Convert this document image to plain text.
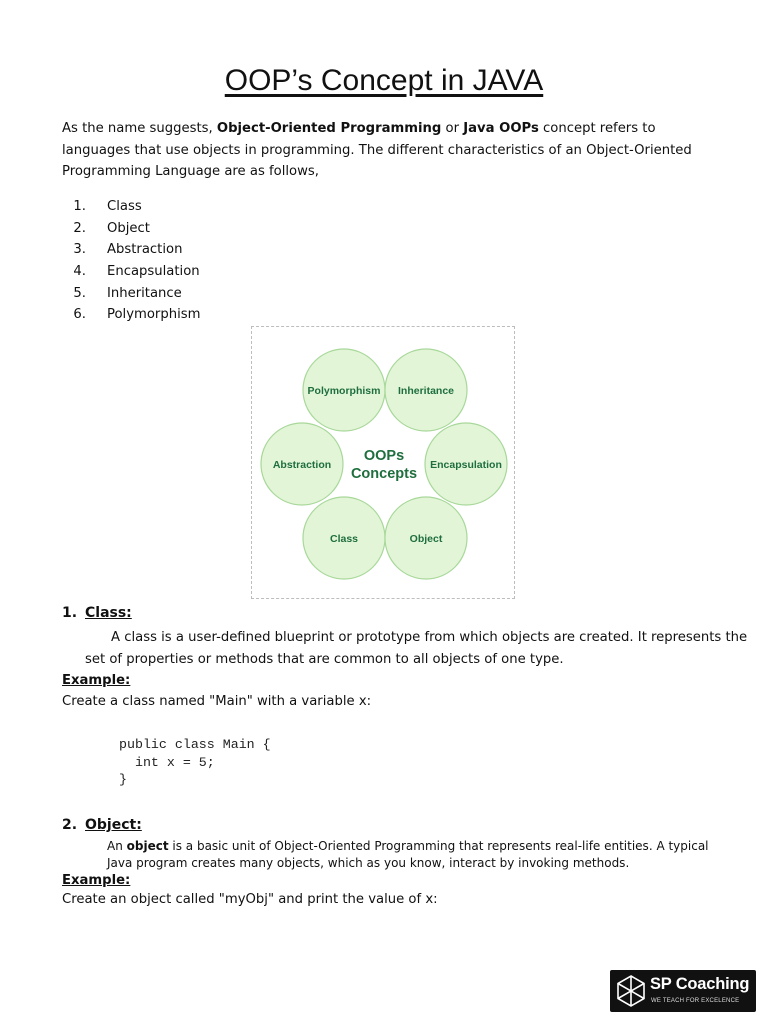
OOP’s Concept in JAVA
As the name suggests, Object-Oriented Programming or Java OOPs concept refers to languages that use objects in programming. The different characteristics of an Object-Oriented Programming Language are as follows,
1. Class
2. Object
3. Abstraction
4. Encapsulation
5. Inheritance
6. Polymorphism
Polymorphism Inheritance
Abstraction	Encapsulation
Class	Object
OOPs
Concepts
1. Class:
A class is a user-defined blueprint or prototype from which objects are created. It represents the
set of properties or methods that are common to all objects of one type.
Example:
Create a class named "Main" with a variable x:
public class Main {
int x = 5;
}
2. Object:
An object is a basic unit of Object-Oriented Programming that represents real-life entities. A typical Java program creates many objects, which as you know, interact by invoking methods.
Example:
Create an object called "myObj" and print the value of x:
SP Coaching
WE TEACH FOR EXCELENCE
